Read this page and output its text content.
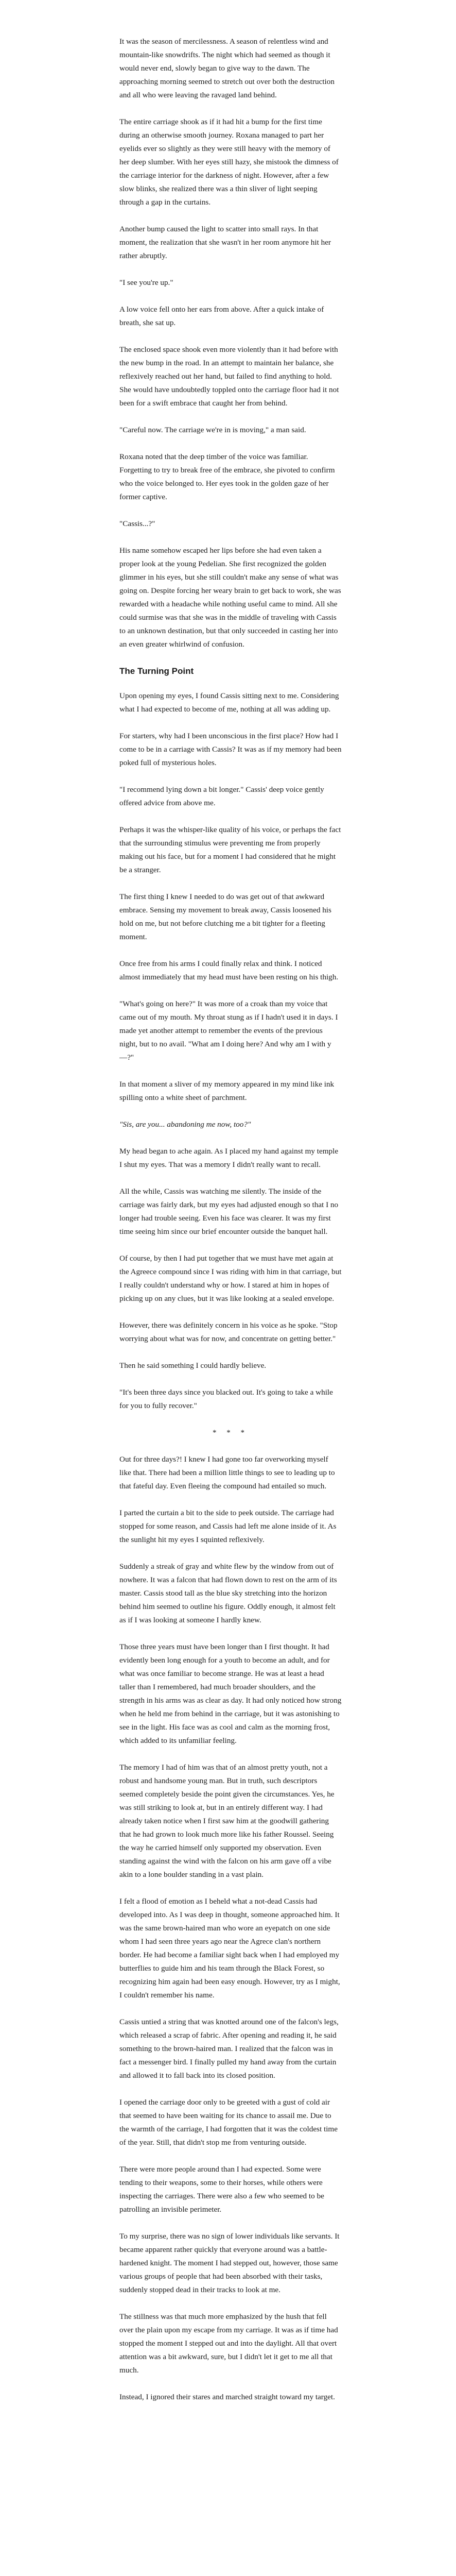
It was the season of mercilessness. A season of relentless wind and mountain-like snowdrifts. The night which had seemed as though it would never end, slowly began to give way to the dawn. The approaching morning seemed to stretch out over both the destruction and all who were leaving the ravaged land behind.

The entire carriage shook as if it had hit a bump for the first time during an otherwise smooth journey. Roxana managed to part her eyelids ever so slightly as they were still heavy with the memory of her deep slumber. With her eyes still hazy, she mistook the dimness of the carriage interior for the darkness of night. However, after a few slow blinks, she realized there was a thin sliver of light seeping through a gap in the curtains.

Another bump caused the light to scatter into small rays. In that moment, the realization that she wasn't in her room anymore hit her rather abruptly.

"I see you're up."

A low voice fell onto her ears from above. After a quick intake of breath, she sat up.

The enclosed space shook even more violently than it had before with the new bump in the road. In an attempt to maintain her balance, she reflexively reached out her hand, but failed to find anything to hold. She would have undoubtedly toppled onto the carriage floor had it not been for a swift embrace that caught her from behind.

"Careful now. The carriage we're in is moving," a man said.

Roxana noted that the deep timber of the voice was familiar. Forgetting to try to break free of the embrace, she pivoted to confirm who the voice belonged to. Her eyes took in the golden gaze of her former captive.

"Cassis...?"

His name somehow escaped her lips before she had even taken a proper look at the young Pedelian. She first recognized the golden glimmer in his eyes, but she still couldn't make any sense of what was going on. Despite forcing her weary brain to get back to work, she was rewarded with a headache while nothing useful came to mind. All she could surmise was that she was in the middle of traveling with Cassis to an unknown destination, but that only succeeded in casting her into an even greater whirlwind of confusion.

The Turning Point

Upon opening my eyes, I found Cassis sitting next to me. Considering what I had expected to become of me, nothing at all was adding up.

For starters, why had I been unconscious in the first place? How had I come to be in a carriage with Cassis? It was as if my memory had been poked full of mysterious holes.

"I recommend lying down a bit longer." Cassis' deep voice gently offered advice from above me.

Perhaps it was the whisper-like quality of his voice, or perhaps the fact that the surrounding stimulus were preventing me from properly making out his face, but for a moment I had considered that he might be a stranger.

The first thing I knew I needed to do was get out of that awkward embrace. Sensing my movement to break away, Cassis loosened his hold on me, but not before clutching me a bit tighter for a fleeting moment.

Once free from his arms I could finally relax and think. I noticed almost immediately that my head must have been resting on his thigh.

"What's going on here?" It was more of a croak than my voice that came out of my mouth. My throat stung as if I hadn't used it in days. I made yet another attempt to remember the events of the previous night, but to no avail. "What am I doing here? And why am I with y—?"

In that moment a sliver of my memory appeared in my mind like ink spilling onto a white sheet of parchment.

"Sis, are you... abandoning me now, too?"

My head began to ache again. As I placed my hand against my temple I shut my eyes. That was a memory I didn't really want to recall.

All the while, Cassis was watching me silently. The inside of the carriage was fairly dark, but my eyes had adjusted enough so that I no longer had trouble seeing. Even his face was clearer. It was my first time seeing him since our brief encounter outside the banquet hall.

Of course, by then I had put together that we must have met again at the Agreece compound since I was riding with him in that carriage, but I really couldn't understand why or how. I stared at him in hopes of picking up on any clues, but it was like looking at a sealed envelope.

However, there was definitely concern in his voice as he spoke. "Stop worrying about what was for now, and concentrate on getting better."

Then he said something I could hardly believe.

"It's been three days since you blacked out. It's going to take a while for you to fully recover."

* * *

Out for three days?! I knew I had gone too far overworking myself like that. There had been a million little things to see to leading up to that fateful day. Even fleeing the compound had entailed so much.

I parted the curtain a bit to the side to peek outside. The carriage had stopped for some reason, and Cassis had left me alone inside of it. As the sunlight hit my eyes I squinted reflexively.

Suddenly a streak of gray and white flew by the window from out of nowhere. It was a falcon that had flown down to rest on the arm of its master. Cassis stood tall as the blue sky stretching into the horizon behind him seemed to outline his figure. Oddly enough, it almost felt as if I was looking at someone I hardly knew.

Those three years must have been longer than I first thought. It had evidently been long enough for a youth to become an adult, and for what was once familiar to become strange. He was at least a head taller than I remembered, had much broader shoulders, and the strength in his arms was as clear as day. It had only noticed how strong when he held me from behind in the carriage, but it was astonishing to see in the light. His face was as cool and calm as the morning frost, which added to its unfamiliar feeling.

The memory I had of him was that of an almost pretty youth, not a robust and handsome young man. But in truth, such descriptors seemed completely beside the point given the circumstances. Yes, he was still striking to look at, but in an entirely different way. I had already taken notice when I first saw him at the goodwill gathering that he had grown to look much more like his father Roussel. Seeing the way he carried himself only supported my observation. Even standing against the wind with the falcon on his arm gave off a vibe akin to a lone boulder standing in a vast plain.

I felt a flood of emotion as I beheld what a not-dead Cassis had developed into. As I was deep in thought, someone approached him. It was the same brown-haired man who wore an eyepatch on one side whom I had seen three years ago near the Agrece clan's northern border. He had become a familiar sight back when I had employed my butterflies to guide him and his team through the Black Forest, so recognizing him again had been easy enough. However, try as I might, I couldn't remember his name.

Cassis untied a string that was knotted around one of the falcon's legs, which released a scrap of fabric. After opening and reading it, he said something to the brown-haired man. I realized that the falcon was in fact a messenger bird. I finally pulled my hand away from the curtain and allowed it to fall back into its closed position.

I opened the carriage door only to be greeted with a gust of cold air that seemed to have been waiting for its chance to assail me. Due to the warmth of the carriage, I had forgotten that it was the coldest time of the year. Still, that didn't stop me from venturing outside.

There were more people around than I had expected. Some were tending to their weapons, some to their horses, while others were inspecting the carriages. There were also a few who seemed to be patrolling an invisible perimeter.

To my surprise, there was no sign of lower individuals like servants. It became apparent rather quickly that everyone around was a battle-hardened knight. The moment I had stepped out, however, those same various groups of people that had been absorbed with their tasks, suddenly stopped dead in their tracks to look at me.

The stillness was that much more emphasized by the hush that fell over the plain upon my escape from my carriage. It was as if time had stopped the moment I stepped out and into the daylight. All that overt attention was a bit awkward, sure, but I didn't let it get to me all that much.

Instead, I ignored their stares and marched straight toward my target.
